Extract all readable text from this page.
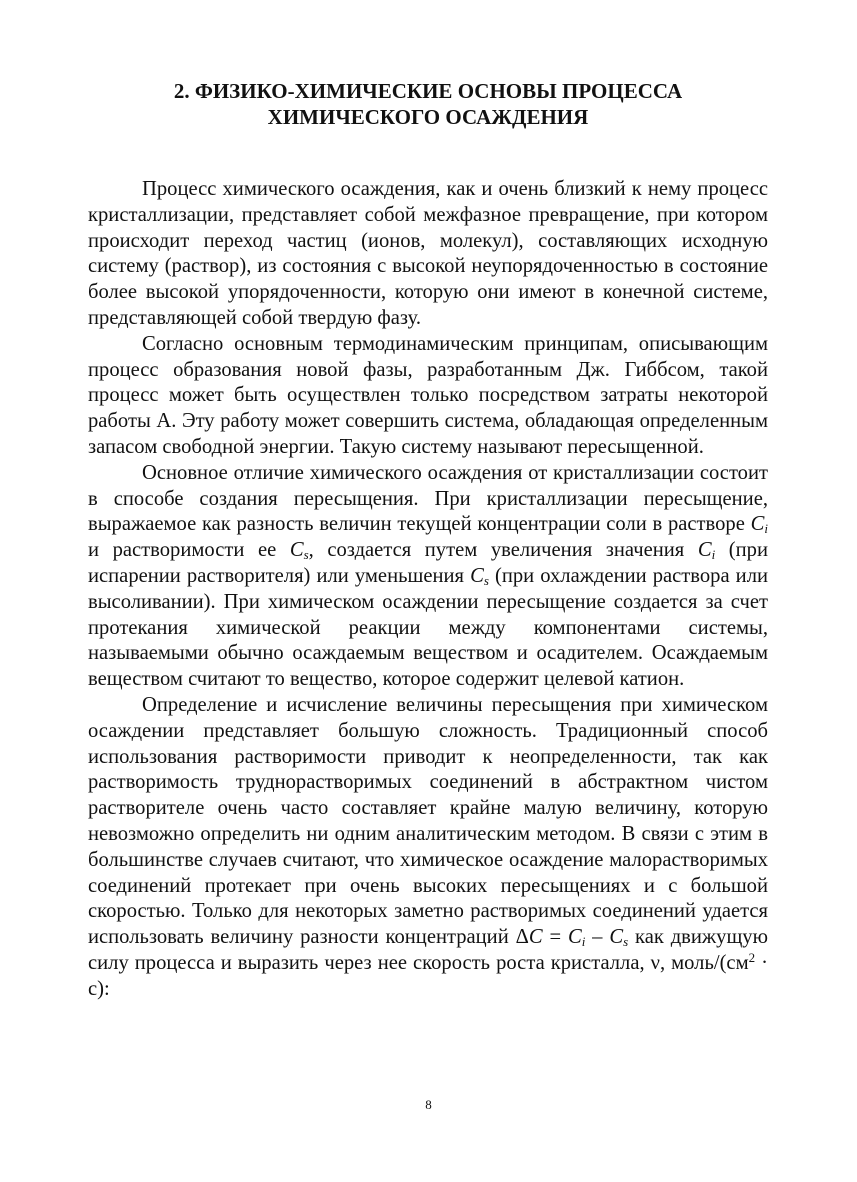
2. ФИЗИКО-ХИМИЧЕСКИЕ ОСНОВЫ ПРОЦЕССА
ХИМИЧЕСКОГО ОСАЖДЕНИЯ

Процесс химического осаждения, как и очень близкий к нему процесс кристаллизации, представляет собой межфазное превращение, при котором происходит переход частиц (ионов, молекул), составляющих исходную систему (раствор), из состояния с высокой неупорядоченностью в состояние более высокой упорядоченности, которую они имеют в конечной системе, представляющей собой твердую фазу.

Согласно основным термодинамическим принципам, описывающим процесс образования новой фазы, разработанным Дж. Гиббсом, такой процесс может быть осуществлен только посредством затраты некоторой работы А. Эту работу может совершить система, обладающая определенным запасом свободной энергии. Такую систему называют пересыщенной.

Основное отличие химического осаждения от кристаллизации состоит в способе создания пересыщения. При кристаллизации пересыщение, выражаемое как разность величин текущей концентрации соли в растворе $C_i$ и растворимости ее $C_s$, создается путем увеличения значения $C_i$ (при испарении растворителя) или уменьшения $C_s$ (при охлаждении раствора или высоливании). При химическом осаждении пересыщение создается за счет протекания химической реакции между компонентами системы, называемыми обычно осаждаемым веществом и осадителем. Осаждаемым веществом считают то вещество, которое содержит целевой катион.

Определение и исчисление величины пересыщения при химическом осаждении представляет большую сложность. Традиционный способ использования растворимости приводит к неопределенности, так как растворимость труднорастворимых соединений в абстрактном чистом растворителе очень часто составляет крайне малую величину, которую невозможно определить ни одним аналитическим методом. В связи с этим в большинстве случаев считают, что химическое осаждение малорастворимых соединений протекает при очень высоких пересыщениях и с большой скоростью. Только для некоторых заметно растворимых соединений удается использовать величину разности концентраций $\Delta C = C_i - C_s$ как движущую силу процесса и выразить через нее скорость роста кристалла, ν, моль/$(см^2 \cdot с)$:

8
